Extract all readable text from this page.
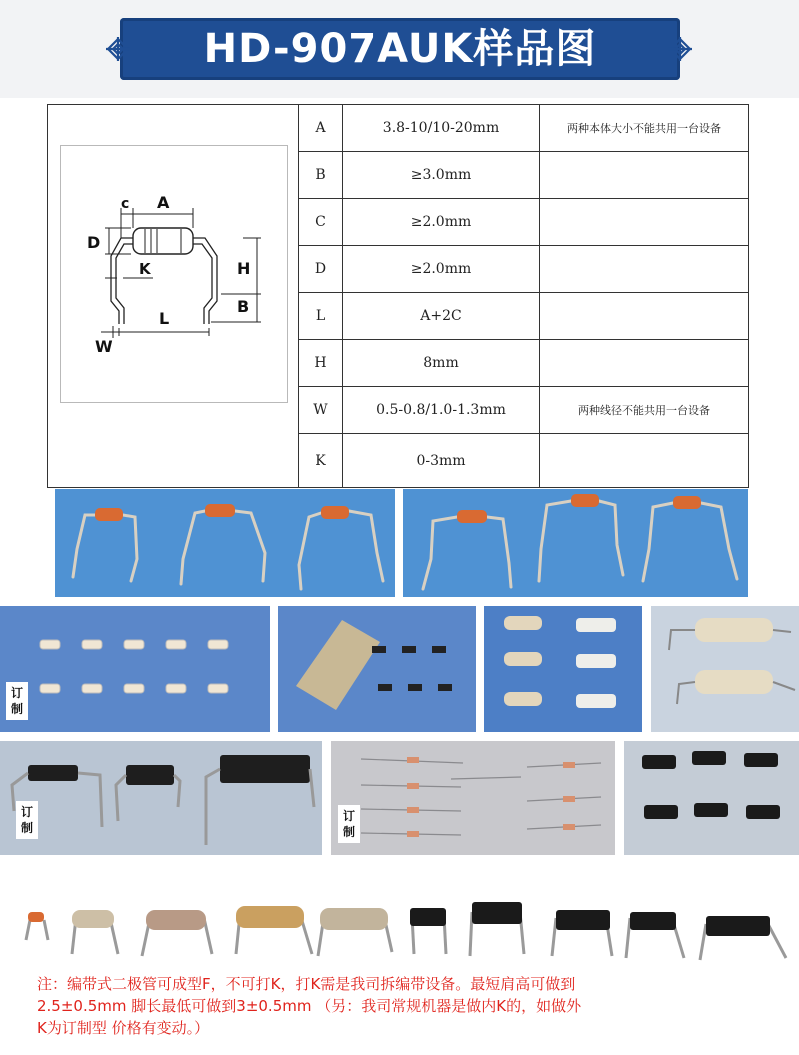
HD-907AUK样品图
c A
D
K	H
B
L
W
A	3.8-10/10-20mm	两种本体大小不能共用一台设备
B	≥3.0mm
C	≥2.0mm
D	≥2.0mm
L	A+2C
H	8mm
W	0.5-0.8/1.0-1.3mm	两种线径不能共用一台设备
K	0-3mm
订制
订制
订制
注：编带式二极管可成型F，不可打K，打K需是我司拆编带设备。最短肩高可做到
2.5±0.5mm 脚长最低可做到3±0.5mm （另：我司常规机器是做内K的，如做外
K为订制型 价格有变动。）
